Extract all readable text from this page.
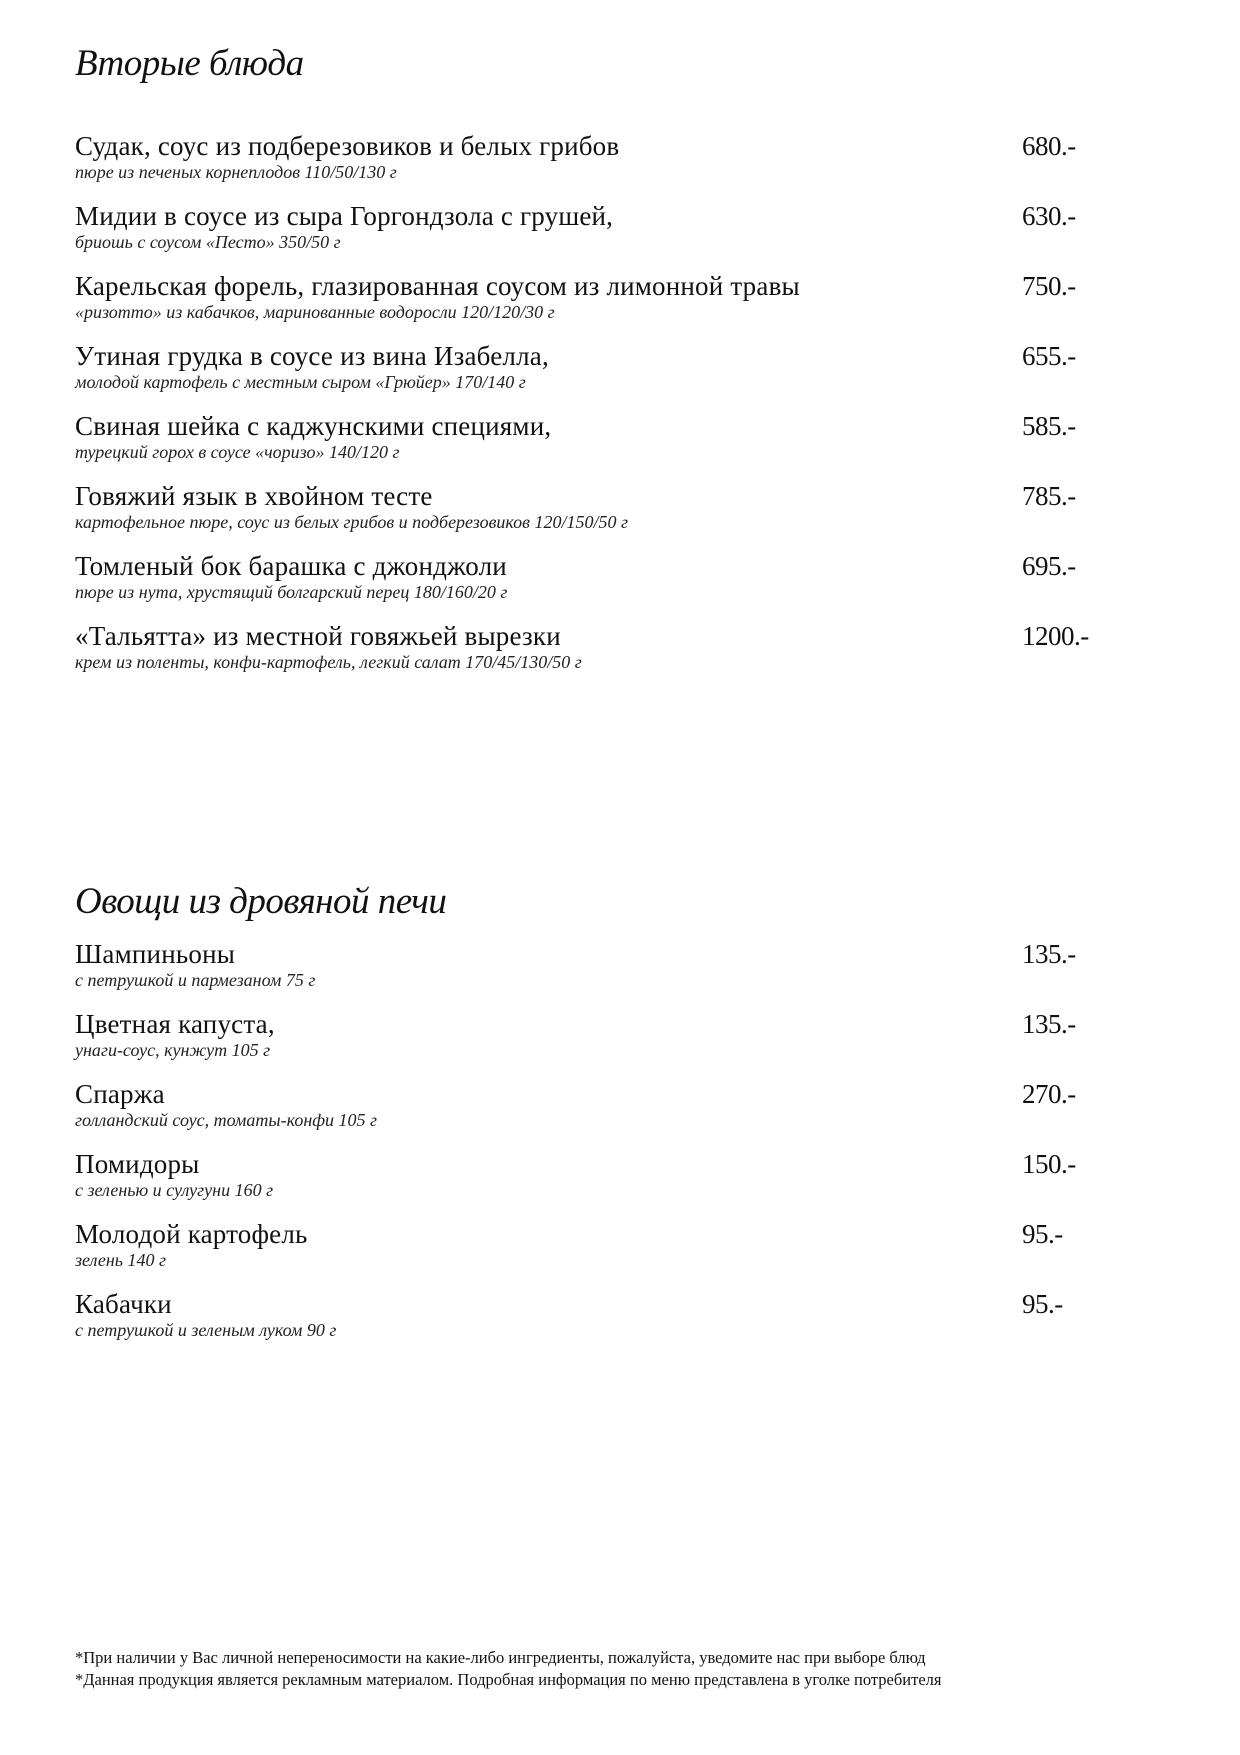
Вторые блюда
Судак, соус из подберезовиков и белых грибов
пюре из печеных корнеплодов 110/50/130 г
680.-
Мидии в соусе из сыра Горгондзола с грушей,
бриошь с соусом «Песто» 350/50 г
630.-
Карельская форель, глазированная соусом из лимонной травы
«ризотто» из кабачков, маринованные водоросли 120/120/30 г
750.-
Утиная грудка в соусе из вина Изабелла,
молодой картофель с местным сыром «Грюйер» 170/140 г
655.-
Свиная шейка с каджунскими специями,
турецкий горох в соусе «чоризо» 140/120 г
585.-
Говяжий язык в хвойном тесте
картофельное пюре, соус из белых грибов и подберезовиков 120/150/50 г
785.-
Томленый бок барашка с джонджоли
пюре из нута, хрустящий болгарский перец 180/160/20 г
695.-
«Тальятта» из местной говяжьей вырезки
крем из поленты, конфи-картофель, легкий салат 170/45/130/50 г
1200.-
Овощи из дровяной печи
Шампиньоны
с петрушкой и пармезаном 75 г
135.-
Цветная капуста,
унаги-соус, кунжут 105 г
135.-
Спаржа
голландский соус, томаты-конфи 105 г
270.-
Помидоры
с зеленью и сулугуни 160 г
150.-
Молодой картофель
зелень 140 г
95.-
Кабачки
с петрушкой и зеленым луком 90 г
95.-
*При наличии у Вас личной непереносимости на какие-либо ингредиенты, пожалуйста, уведомите нас при выборе блюд
*Данная продукция является рекламным материалом. Подробная информация по меню представлена в уголке потребителя
